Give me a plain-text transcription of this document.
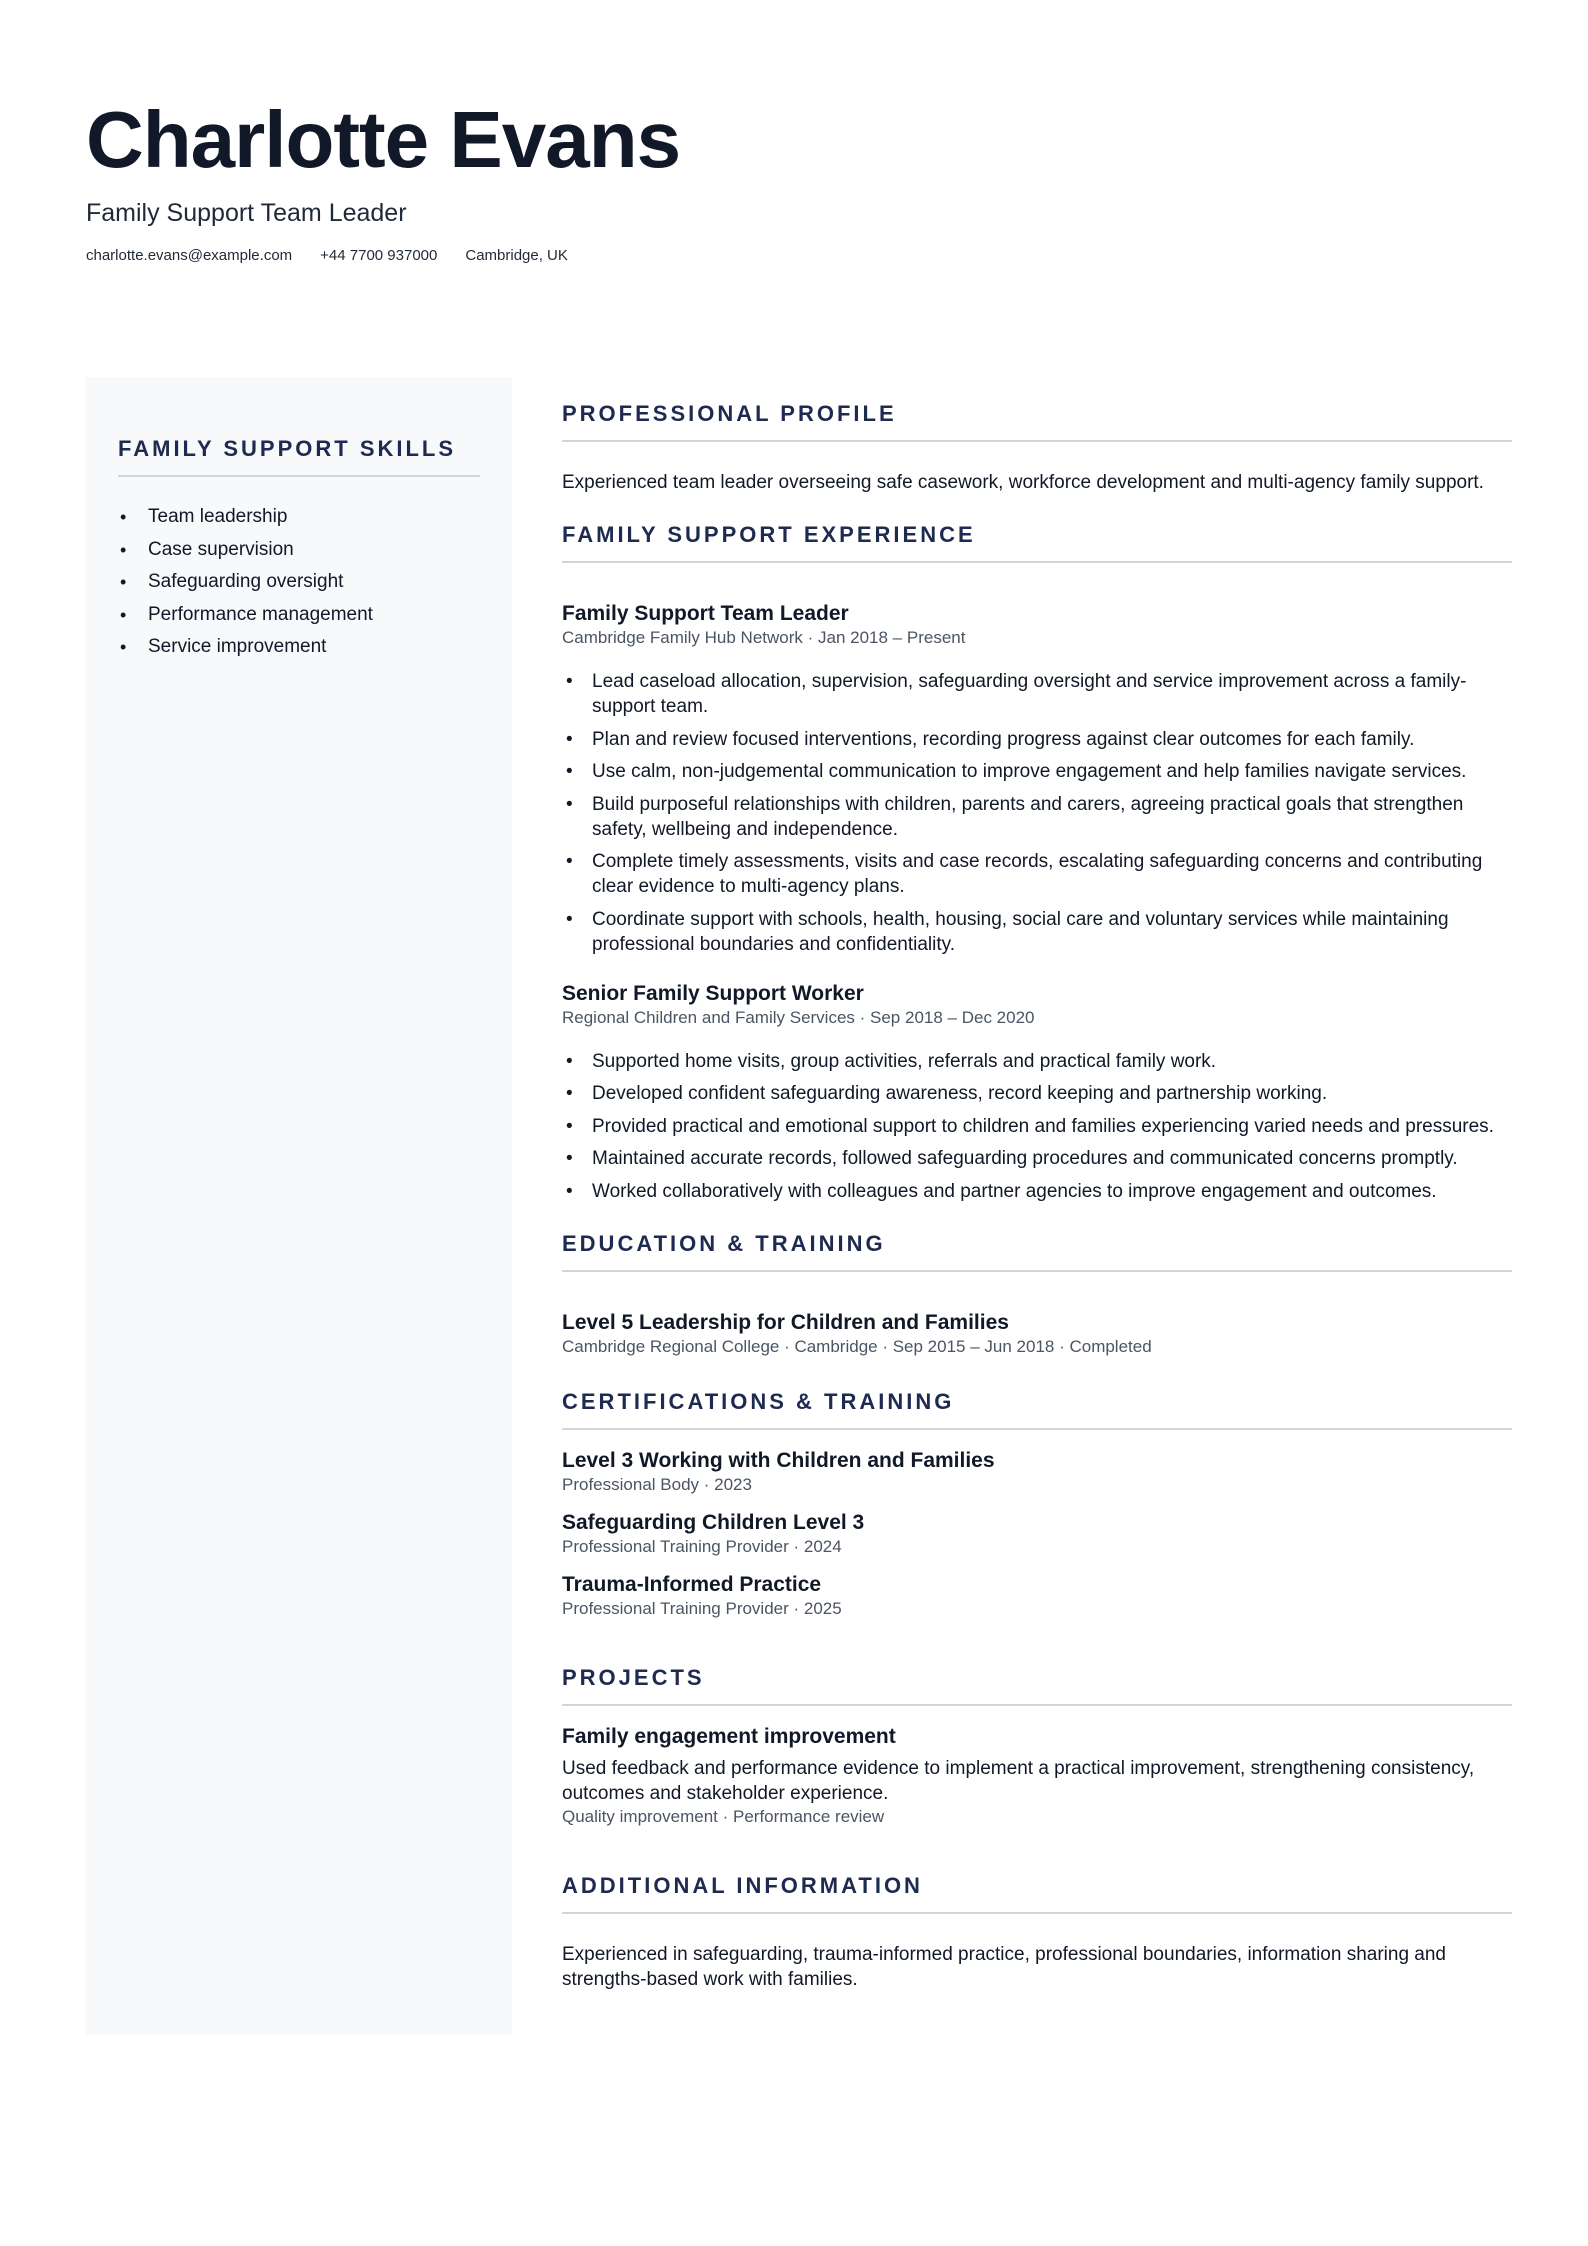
Charlotte Evans
Family Support Team Leader
charlotte.evans@example.com +44 7700 937000 Cambridge, UK
FAMILY SUPPORT SKILLS
• Team leadership
• Case supervision
• Safeguarding oversight
• Performance management
• Service improvement
PROFESSIONAL PROFILE

Experienced team leader overseeing safe casework, workforce development and multi-agency family support.

FAMILY SUPPORT EXPERIENCE
Family Support Team Leader

Cambridge Family Hub Network · Jan 2018 – Present

• Lead caseload allocation, supervision, safeguarding oversight and service improvement across a family-support team.
• Plan and review focused interventions, recording progress against clear outcomes for each family.
• Use calm, non-judgemental communication to improve engagement and help families navigate services.
• Build purposeful relationships with children, parents and carers, agreeing practical goals that strengthen safety, wellbeing and independence.
• Complete timely assessments, visits and case records, escalating safeguarding concerns and contributing clear evidence to multi-agency plans.
• Coordinate support with schools, health, housing, social care and voluntary services while maintaining professional boundaries and confidentiality.
Senior Family Support Worker

Regional Children and Family Services · Sep 2018 – Dec 2020

• Supported home visits, group activities, referrals and practical family work.
• Developed confident safeguarding awareness, record keeping and partnership working.
• Provided practical and emotional support to children and families experiencing varied needs and pressures.
• Maintained accurate records, followed safeguarding procedures and communicated concerns promptly.
• Worked collaboratively with colleagues and partner agencies to improve engagement and outcomes.
EDUCATION & TRAINING
Level 5 Leadership for Children and Families

Cambridge Regional College · Cambridge · Sep 2015 – Jun 2018 · Completed

CERTIFICATIONS & TRAINING
Level 3 Working with Children and Families

Professional Body · 2023

Safeguarding Children Level 3

Professional Training Provider · 2024

Trauma-Informed Practice

Professional Training Provider · 2025

PROJECTS
Family engagement improvement

Used feedback and performance evidence to implement a practical improvement, strengthening consistency, outcomes and stakeholder experience.

Quality improvement · Performance review

ADDITIONAL INFORMATION

Experienced in safeguarding, trauma-informed practice, professional boundaries, information sharing and strengths-based work with families.
